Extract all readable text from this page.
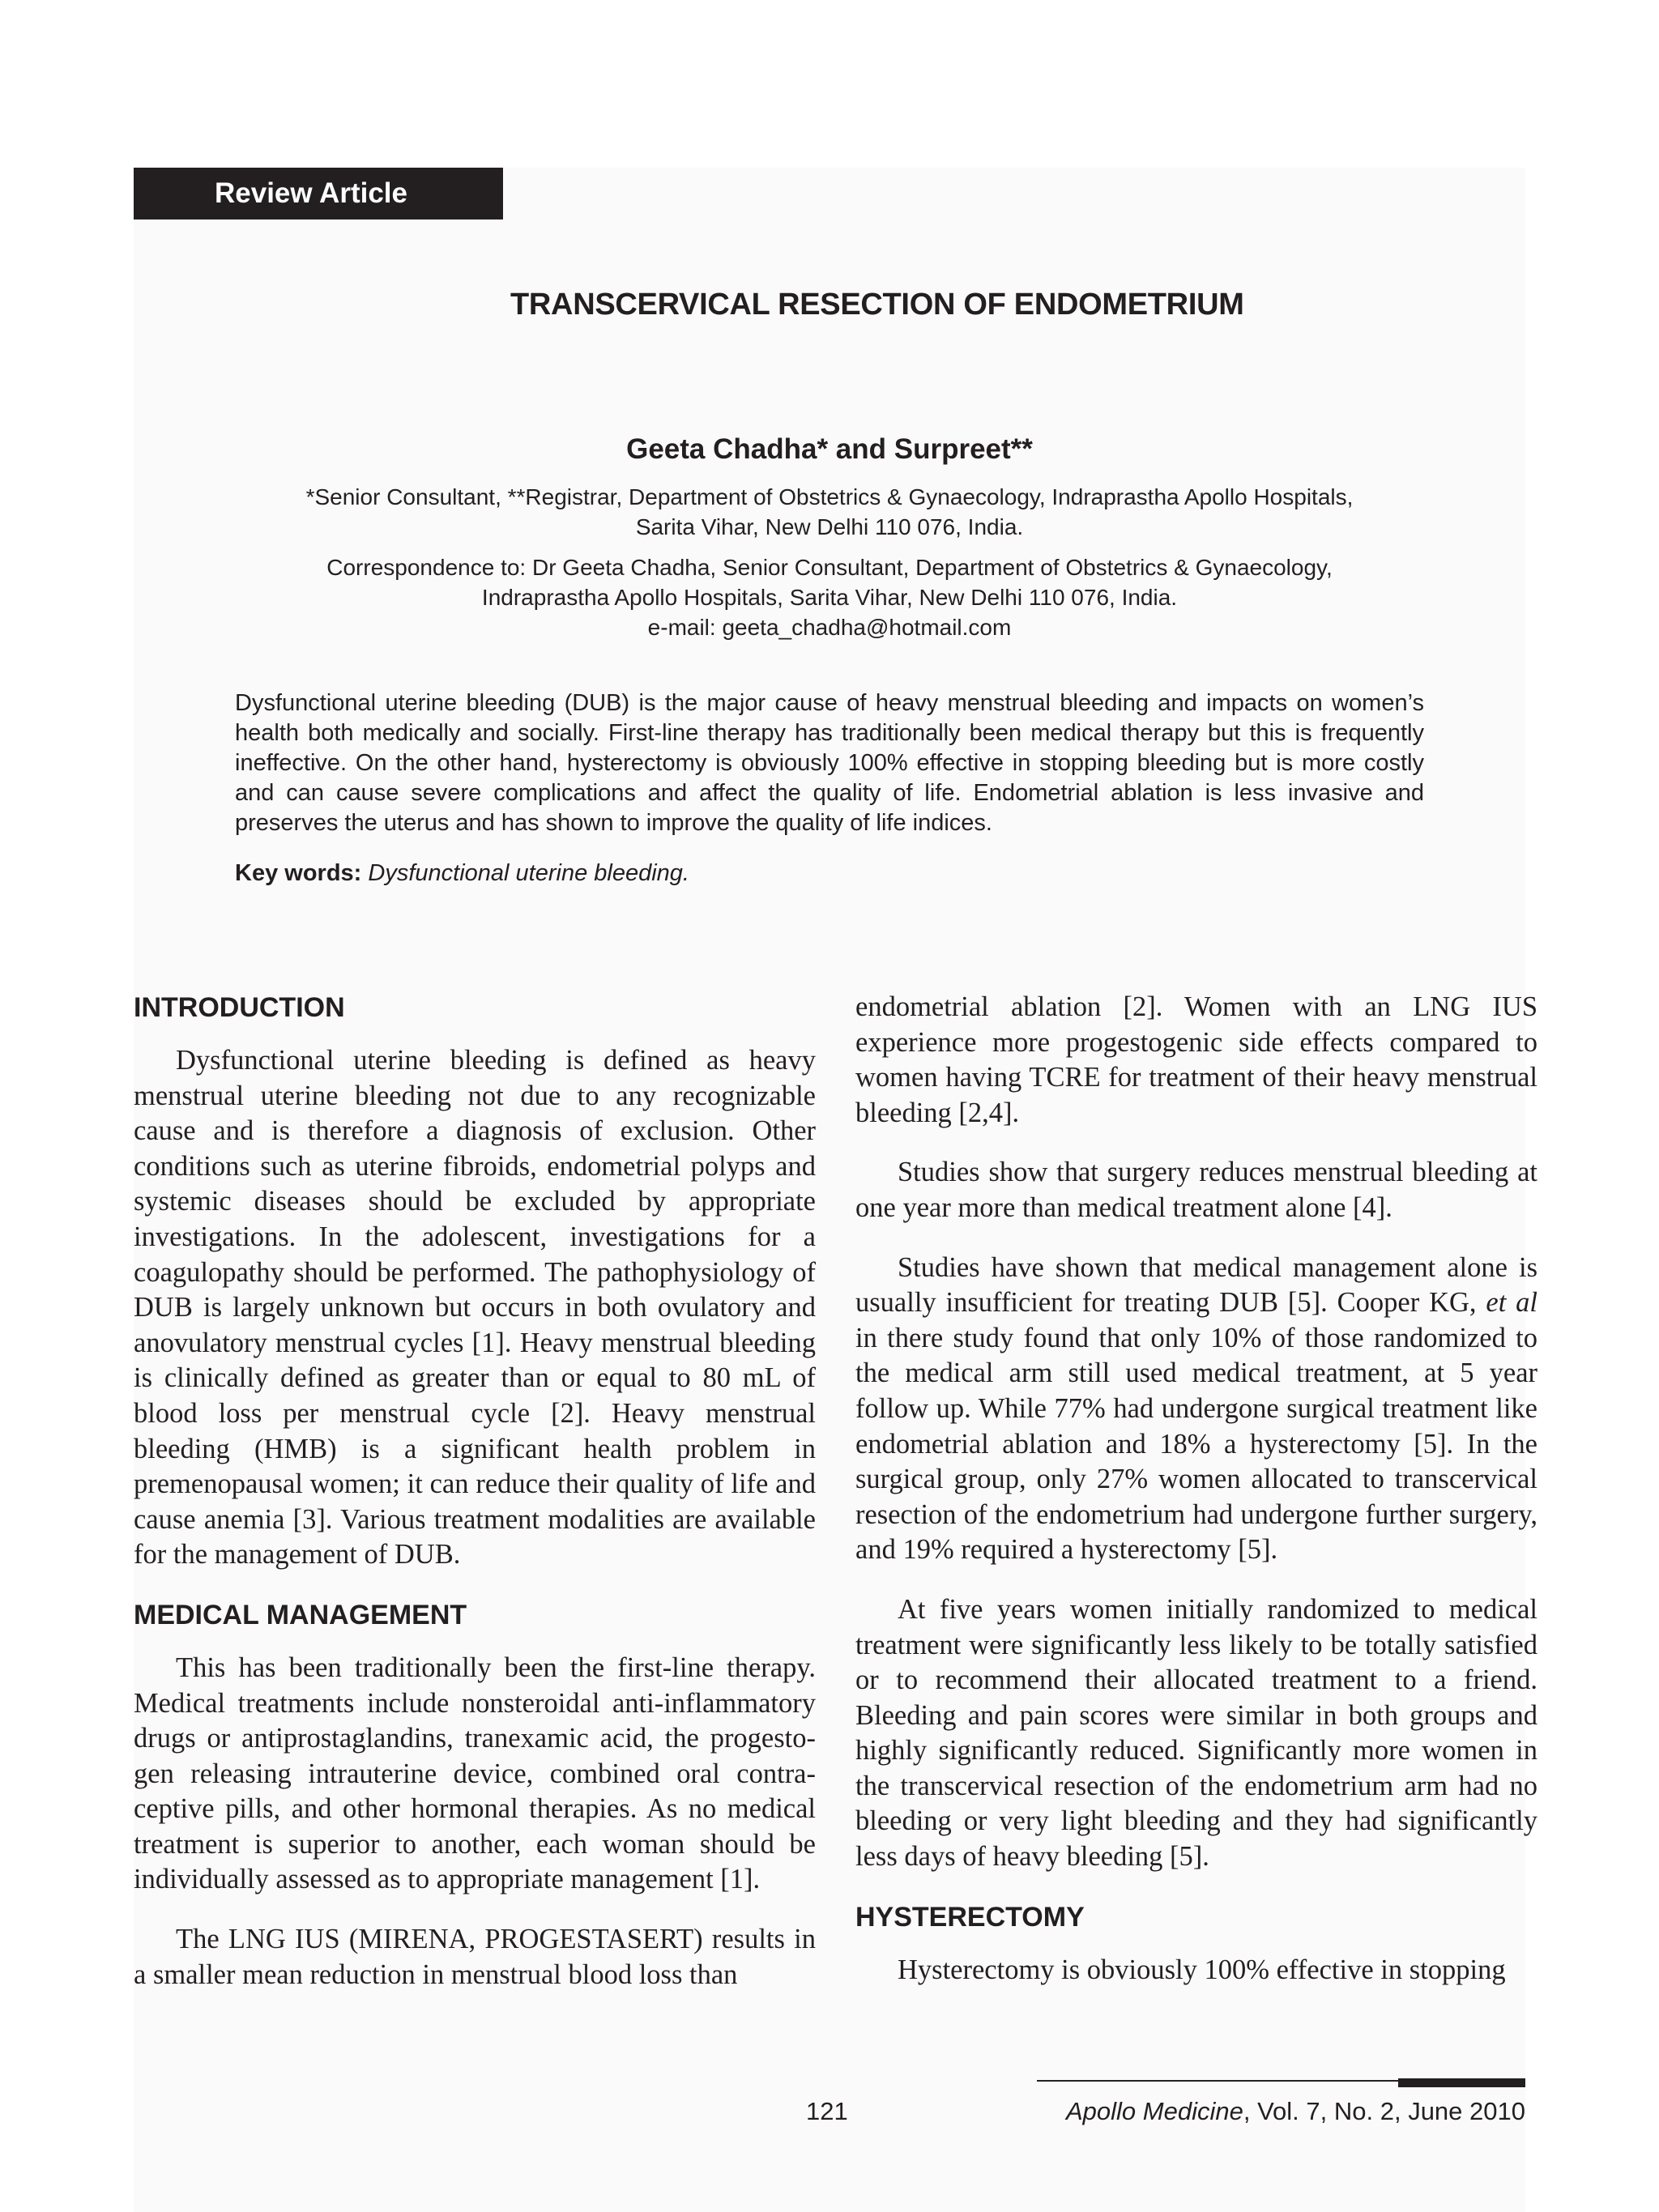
Review Article
TRANSCERVICAL RESECTION OF ENDOMETRIUM
Geeta Chadha* and Surpreet**
*Senior Consultant, **Registrar, Department of Obstetrics & Gynaecology, Indraprastha Apollo Hospitals,
Sarita Vihar, New Delhi 110 076, India.
Correspondence to: Dr Geeta Chadha, Senior Consultant, Department of Obstetrics & Gynaecology,
Indraprastha Apollo Hospitals, Sarita Vihar, New Delhi 110 076, India.
e-mail: geeta_chadha@hotmail.com
Dysfunctional uterine bleeding (DUB) is the major cause of heavy menstrual bleeding and impacts on women’s health both medically and socially. First-line therapy has traditionally been medical therapy but this is frequently ineffective. On the other hand, hysterectomy is obviously 100% effective in stopping bleeding but is more costly and can cause severe complications and affect the quality of life. Endometrial ablation is less invasive and preserves the uterus and has shown to improve the quality of life indices.
Key words: Dysfunctional uterine bleeding.
INTRODUCTION

Dysfunctional uterine bleeding is defined as heavy menstrual uterine bleeding not due to any recognizable cause and is therefore a diagnosis of exclusion. Other conditions such as uterine fibroids, endometrial polyps and systemic diseases should be excluded by appropriate investigations. In the adolescent, investigations for a coagulopathy should be performed. The pathophysiology of DUB is largely unknown but occurs in both ovulatory and anovulatory menstrual cycles [1]. Heavy menstrual bleeding is clinically defined as greater than or equal to 80 mL of blood loss per menstrual cycle [2]. Heavy menstrual bleeding (HMB) is a significant health problem in premenopausal women; it can reduce their quality of life and cause anemia [3]. Various treatment modalities are available for the management of DUB.

MEDICAL MANAGEMENT

This has been traditionally been the first-line therapy. Medical treatments include nonsteroidal anti-inflammatory drugs or antiprostaglandins, tranexamic acid, the progesto-gen releasing intrauterine device, combined oral contra-ceptive pills, and other hormonal therapies. As no medical treatment is superior to another, each woman should be individually assessed as to appropriate management [1].

The LNG IUS (MIRENA, PROGESTASERT) results in a smaller mean reduction in menstrual blood loss than

endometrial ablation [2]. Women with an LNG IUS experience more progestogenic side effects compared to women having TCRE for treatment of their heavy menstrual bleeding [2,4].

Studies show that surgery reduces menstrual bleeding at one year more than medical treatment alone [4].

Studies have shown that medical management alone is usually insufficient for treating DUB [5]. Cooper KG, et al in there study found that only 10% of those randomized to the medical arm still used medical treatment, at 5 year follow up. While 77% had undergone surgical treatment like endometrial ablation and 18% a hysterectomy [5]. In the surgical group, only 27% women allocated to transcervical resection of the endometrium had undergone further surgery, and 19% required a hysterectomy [5].

At five years women initially randomized to medical treatment were significantly less likely to be totally satisfied or to recommend their allocated treatment to a friend. Bleeding and pain scores were similar in both groups and highly significantly reduced. Significantly more women in the transcervical resection of the endometrium arm had no bleeding or very light bleeding and they had significantly less days of heavy bleeding [5].

HYSTERECTOMY

Hysterectomy is obviously 100% effective in stopping

121	Apollo Medicine, Vol. 7, No. 2, June 2010
